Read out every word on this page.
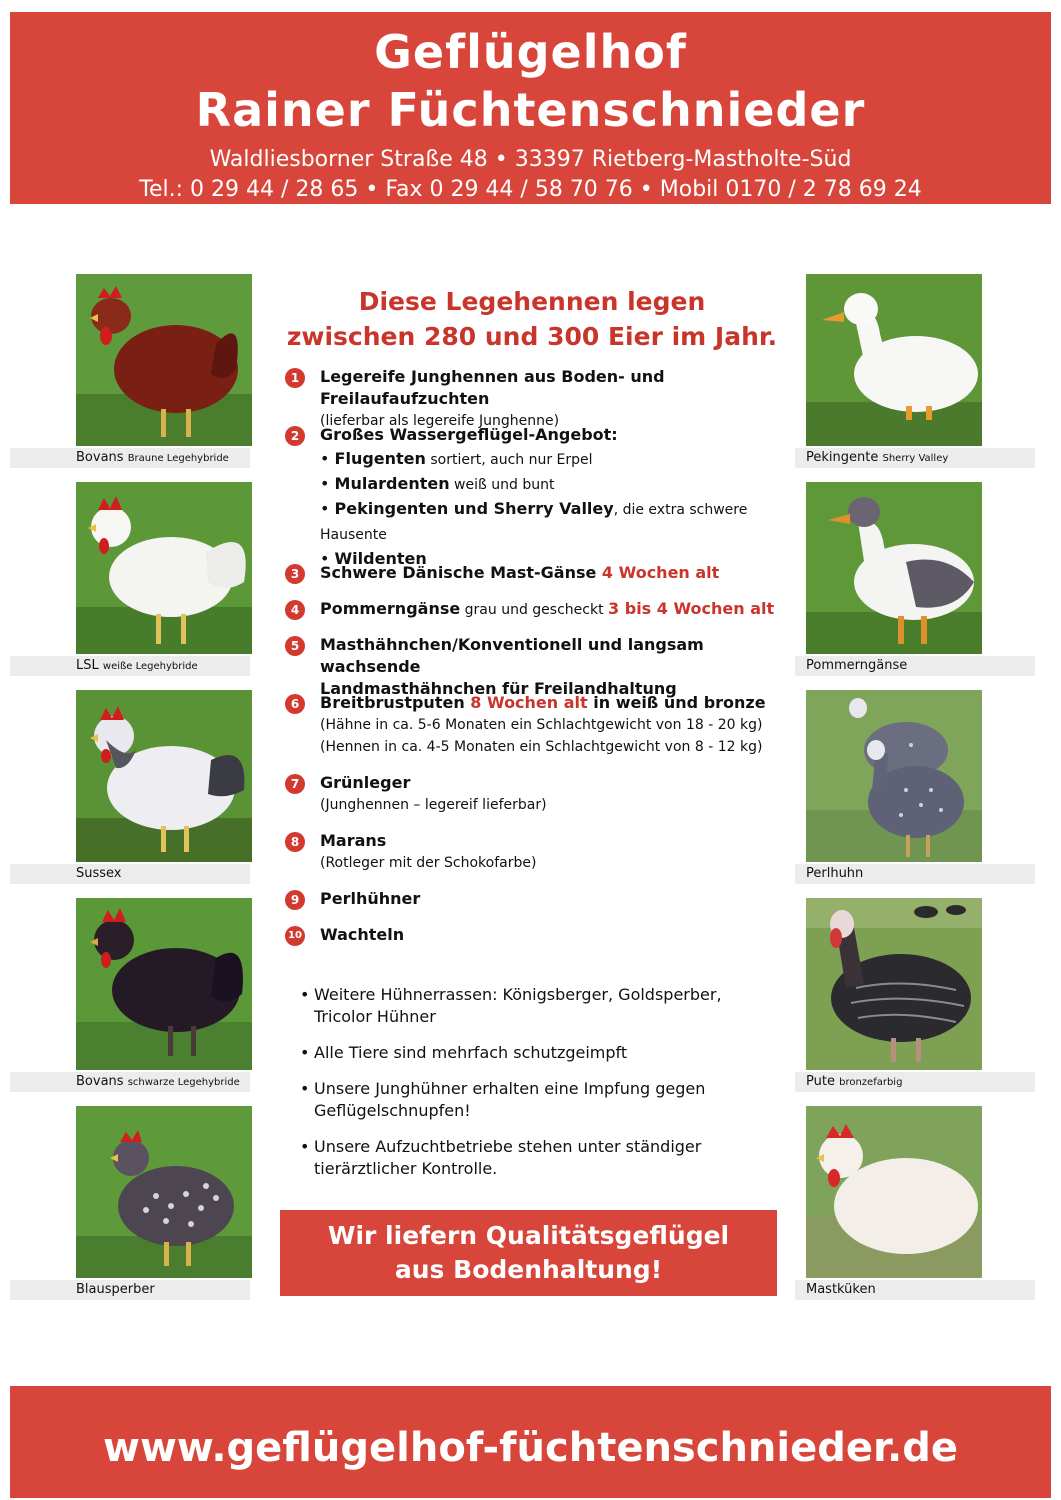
Geflügelhof
Rainer Füchtenschnieder
Waldliesborner Straße 48 • 33397 Rietberg-Mastholte-Süd
Tel.: 0 29 44 / 28 65 • Fax 0 29 44 / 58 70 76 • Mobil 0170 / 2 78 69 24
Bovans Braune Legehybride
LSL weiße Legehybride
Sussex
Bovans schwarze Legehybride
Blausperber
Pekingente Sherry Valley
Pommerngänse
Perlhuhn
Pute bronzefarbig
Mastküken
Diese Legehennen legen
zwischen 280 und 300 Eier im Jahr.
1	Legereife Junghennen aus Boden- und Freilaufaufzuchten
(lieferbar als legereife Junghenne)
2	Großes Wassergeflügel-Angebot:
• Flugenten sortiert, auch nur Erpel
• Mulardenten weiß und bunt
• Pekingenten und Sherry Valley, die extra schwere Hausente
• Wildenten
3	Schwere Dänische Mast-Gänse 4 Wochen alt
4	Pommerngänse grau und gescheckt 3 bis 4 Wochen alt
5	Masthähnchen/Konventionell und langsam wachsende
Landmasthähnchen für Freilandhaltung
6	Breitbrustputen 8 Wochen alt in weiß und bronze
(Hähne in ca. 5-6 Monaten ein Schlachtgewicht von 18 - 20 kg)
(Hennen in ca. 4-5 Monaten ein Schlachtgewicht von 8 - 12 kg)
7	Grünleger
(Junghennen – legereif lieferbar)
8	Marans
(Rotleger mit der Schokofarbe)
9	Perlhühner
10 Wachteln
• Weitere Hühnerrassen: Königsberger, Goldsperber,
Tricolor Hühner
• Alle Tiere sind mehrfach schutzgeimpft
• Unsere Junghühner erhalten eine Impfung gegen
Geflügelschnupfen!
• Unsere Aufzuchtbetriebe stehen unter ständiger
tierärztlicher Kontrolle.
Wir liefern Qualitätsgeflügel
aus Bodenhaltung!
www.geflügelhof-füchtenschnieder.de
